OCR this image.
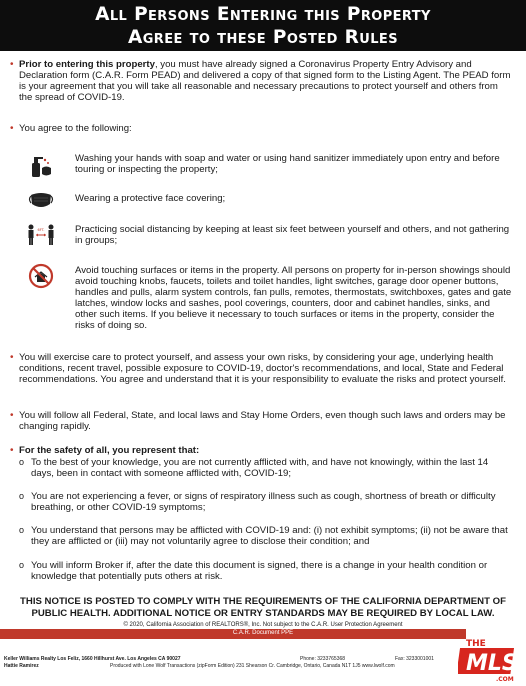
All Persons Entering this Property
Agree to these Posted Rules
• Prior to entering this property, you must have already signed a Coronavirus Property Entry Advisory and Declaration form (C.A.R. Form PEAD) and delivered a copy of that signed form to the Listing Agent. The PEAD form is your agreement that you will take all reasonable and necessary precautions to protect yourself and others from the spread of COVID-19.
• You agree to the following:
Washing your hands with soap and water or using hand sanitizer immediately upon entry and before touring or inspecting the property;
Wearing a protective face covering;
6FT.	Practicing social distancing by keeping at least six feet between yourself and others, and not gathering in groups;
Avoid touching surfaces or items in the property. All persons on property for in-person showings should avoid touching knobs, faucets, toilets and toilet handles, light switches, garage door opener buttons, handles and pulls, alarm system controls, fan pulls, remotes, thermostats, switchboxes, gates and gate latches, window locks and sashes, pool coverings, counters, door and cabinet handles, sinks, and other such items. If you believe it necessary to touch surfaces or items in the property, consider the risks of doing so.
• You will exercise care to protect yourself, and assess your own risks, by considering your age, underlying health conditions, recent travel, possible exposure to COVID-19, doctor's recommendations, and local, State and Federal recommendations. You agree and understand that it is your responsibility to evaluate the risks and protect yourself.
• You will follow all Federal, State, and local laws and Stay Home Orders, even though such laws and orders may be changing rapidly.
• For the safety of all, you represent that:
o To the best of your knowledge, you are not currently afflicted with, and have not knowingly, within the last 14 days, been in contact with someone afflicted with, COVID-19;
o You are not experiencing a fever, or signs of respiratory illness such as cough, shortness of breath or difficulty breathing, or other COVID-19 symptoms;
o You understand that persons may be afflicted with COVID-19 and: (i) not exhibit symptoms; (ii) not be aware that they are afflicted or (iii) may not voluntarily agree to disclose their condition; and
o You will inform Broker if, after the date this document is signed, there is a change in your health condition or knowledge that potentially puts others at risk.
THIS NOTICE IS POSTED TO COMPLY WITH THE REQUIREMENTS OF THE CALIFORNIA DEPARTMENT OF PUBLIC HEALTH. ADDITIONAL NOTICE OR ENTRY STANDARDS MAY BE REQUIRED BY LOCAL LAW.
© 2020, California Association of REALTORS®, Inc. Not subject to the C.A.R. User Protection Agreement
C.A.R. Document PPE
Keller Williams Realty Los Feliz, 1660 Hillhurst Ave. Los Angeles CA 90027	Phone: 3233765368	Fax: 3233001001
Hattie Ramirez	Produced with Lone Wolf Transactions (zipForm Edition) 231 Shearson Cr. Cambridge, Ontario, Canada N1T 1J5 www.lwolf.com
THE
MLS
.COM
